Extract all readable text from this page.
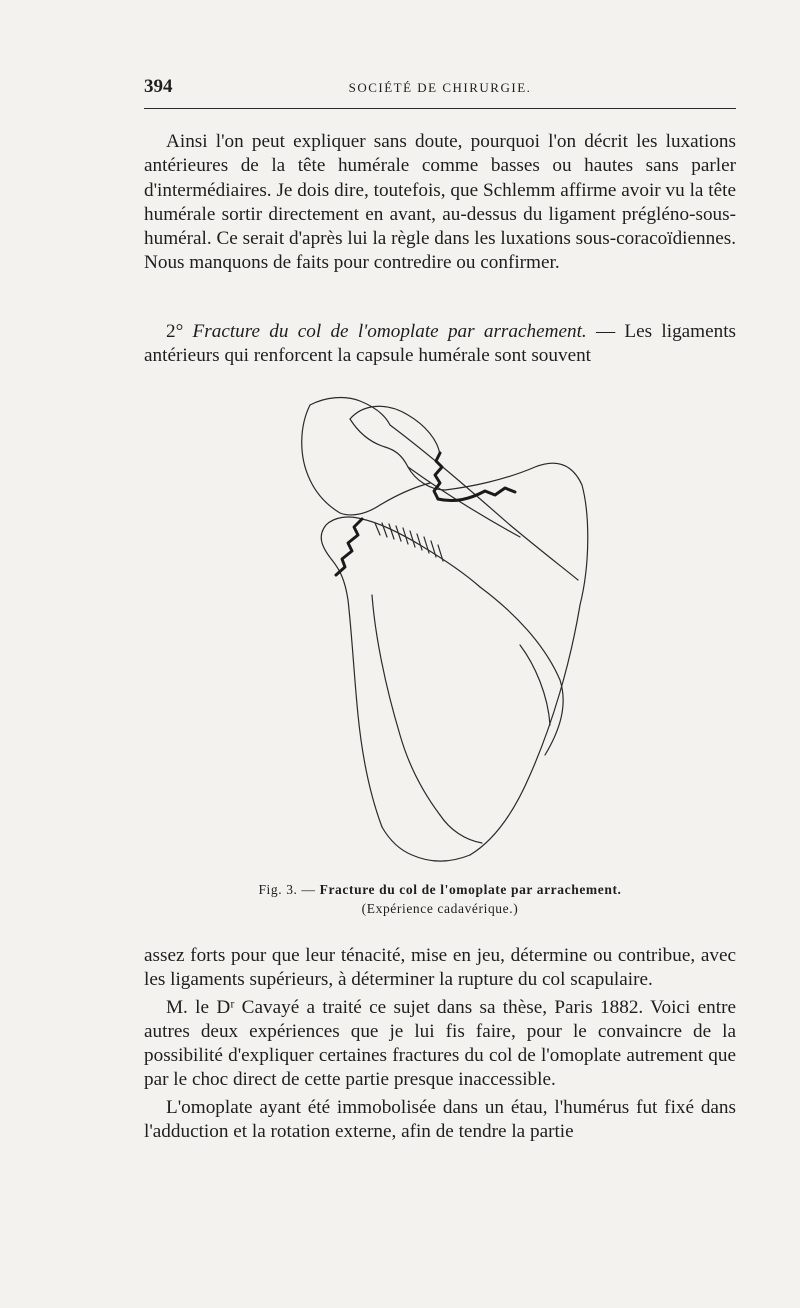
394	SOCIÉTÉ DE CHIRURGIE.

Ainsi l'on peut expliquer sans doute, pourquoi l'on décrit les luxations antérieures de la tête humérale comme basses ou hautes sans parler d'intermédiaires. Je dois dire, toutefois, que Schlemm affirme avoir vu la tête humérale sortir directement en avant, au-dessus du ligament prégléno-sous-huméral. Ce serait d'après lui la règle dans les luxations sous-coracoïdiennes. Nous manquons de faits pour contredire ou confirmer.

2° Fracture du col de l'omoplate par arrachement. — Les ligaments antérieurs qui renforcent la capsule humérale sont souvent

Fig. 3. — Fracture du col de l'omoplate par arrachement.
(Expérience cadavérique.)

assez forts pour que leur ténacité, mise en jeu, détermine ou contribue, avec les ligaments supérieurs, à déterminer la rupture du col scapulaire.

M. le Dʳ Cavayé a traité ce sujet dans sa thèse, Paris 1882. Voici entre autres deux expériences que je lui fis faire, pour le convaincre de la possibilité d'expliquer certaines fractures du col de l'omoplate autrement que par le choc direct de cette partie presque inaccessible.

L'omoplate ayant été immobolisée dans un étau, l'humérus fut fixé dans l'adduction et la rotation externe, afin de tendre la partie
